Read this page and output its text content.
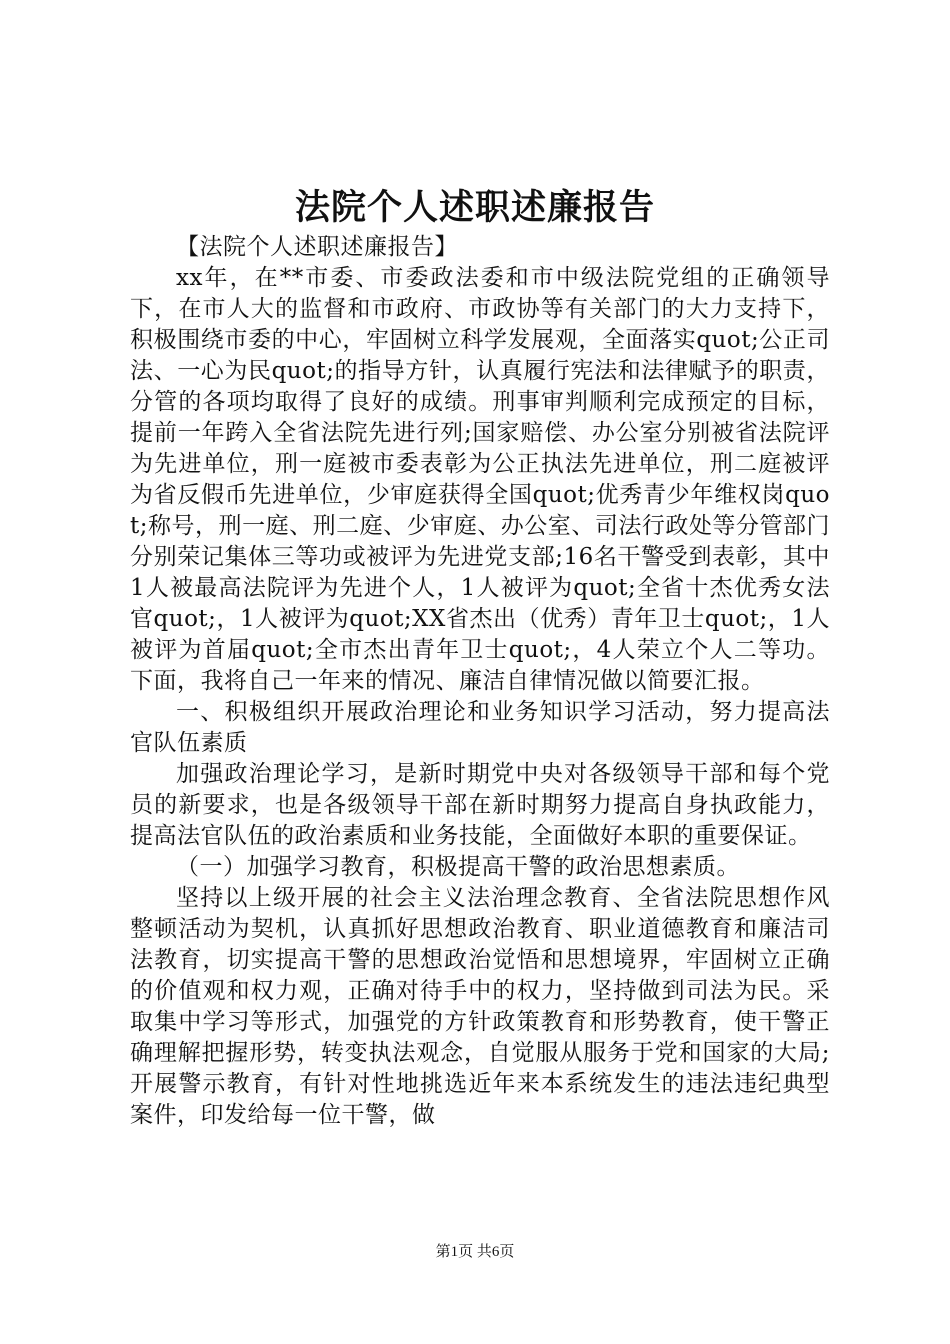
法院个人述职述廉报告

【法院个人述职述廉报告】

xx年，在**市委、市委政法委和市中级法院党组的正确领导下，在市人大的监督和市政府、市政协等有关部门的大力支持下，积极围绕市委的中心，牢固树立科学发展观，全面落实quot;公正司法、一心为民quot;的指导方针，认真履行宪法和法律赋予的职责，分管的各项均取得了良好的成绩。刑事审判顺利完成预定的目标，提前一年跨入全省法院先进行列;国家赔偿、办公室分别被省法院评为先进单位，刑一庭被市委表彰为公正执法先进单位，刑二庭被评为省反假币先进单位，少审庭获得全国quot;优秀青少年维权岗quot;称号，刑一庭、刑二庭、少审庭、办公室、司法行政处等分管部门分别荣记集体三等功或被评为先进党支部;16名干警受到表彰，其中1人被最高法院评为先进个人，1人被评为quot;全省十杰优秀女法官quot;，1人被评为quot;XX省杰出（优秀）青年卫士quot;，1人被评为首届quot;全市杰出青年卫士quot;，4人荣立个人二等功。下面，我将自己一年来的情况、廉洁自律情况做以简要汇报。

一、积极组织开展政治理论和业务知识学习活动，努力提高法官队伍素质

加强政治理论学习，是新时期党中央对各级领导干部和每个党员的新要求，也是各级领导干部在新时期努力提高自身执政能力，提高法官队伍的政治素质和业务技能，全面做好本职的重要保证。

（一）加强学习教育，积极提高干警的政治思想素质。

坚持以上级开展的社会主义法治理念教育、全省法院思想作风整顿活动为契机，认真抓好思想政治教育、职业道德教育和廉洁司法教育，切实提高干警的思想政治觉悟和思想境界，牢固树立正确的价值观和权力观，正确对待手中的权力，坚持做到司法为民。采取集中学习等形式，加强党的方针政策教育和形势教育，使干警正确理解把握形势，转变执法观念，自觉服从服务于党和国家的大局;开展警示教育，有针对性地挑选近年来本系统发生的违法违纪典型案件，印发给每一位干警，做

第1页 共6页
